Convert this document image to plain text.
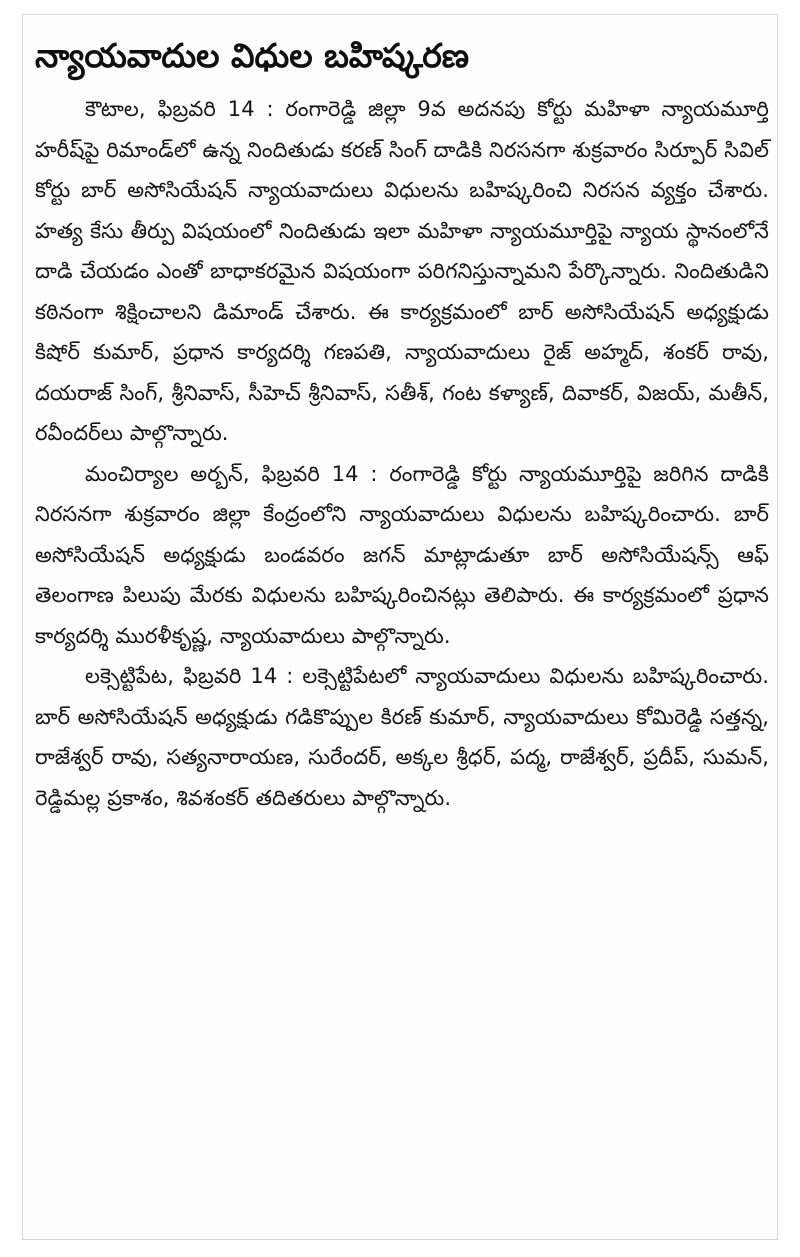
న్యాయవాదుల విధుల బహిష్కరణ

కౌటాల, ఫిబ్రవరి 14 : రంగారెడ్డి జిల్లా 9వ అదనపు కోర్టు మహిళా న్యాయమూర్తి హరీష్‌పై రిమాండ్‌లో ఉన్న నిందితుడు కరణ్ సింగ్ దాడికి నిరసనగా శుక్రవారం సిర్పూర్ సివిల్ కోర్టు బార్ అసోసియేషన్ న్యాయవాదులు విధులను బహిష్కరించి నిరసన వ్యక్తం చేశారు. హత్య కేసు తీర్పు విషయంలో నిందితుడు ఇలా మహిళా న్యాయమూర్తిపై న్యాయ స్థానంలోనే దాడి చేయడం ఎంతో బాధాకరమైన విషయంగా పరిగనిస్తున్నామని పేర్కొన్నారు. నిందితుడిని కఠినంగా శిక్షించాలని డిమాండ్ చేశారు. ఈ కార్యక్రమంలో బార్ అసోసియేషన్ అధ్యక్షుడు కిషోర్ కుమార్, ప్రధాన కార్యదర్శి గణపతి, న్యాయవాదులు రైజ్ అహ్మద్, శంకర్ రావు, దయరాజ్ సింగ్, శ్రీనివాస్, సీహెచ్ శ్రీనివాస్, సతీశ్, గంట కళ్యాణ్, దివాకర్, విజయ్, మతీన్, రవీందర్‌లు పాల్గొన్నారు.

మంచిర్యాల అర్బన్, ఫిబ్రవరి 14 : రంగారెడ్డి కోర్టు న్యాయమూర్తిపై జరిగిన దాడికి నిరసనగా శుక్రవారం జిల్లా కేంద్రంలోని న్యాయవాదులు విధులను బహిష్కరించారు. బార్ అసోసియేషన్ అధ్యక్షుడు బండవరం జగన్ మాట్లాడుతూ బార్ అసోసియేషన్స్ ఆఫ్ తెలంగాణ పిలుపు మేరకు విధులను బహిష్కరించినట్లు తెలిపారు. ఈ కార్యక్రమంలో ప్రధాన కార్యదర్శి మురళీకృష్ణ, న్యాయవాదులు పాల్గొన్నారు.

లక్సెట్టిపేట, ఫిబ్రవరి 14 : లక్సెట్టిపేటలో న్యాయవాదులు విధులను బహిష్కరించారు. బార్ అసోసియేషన్ అధ్యక్షుడు గడికొప్పుల కిరణ్ కుమార్, న్యాయవాదులు కోమిరెడ్డి సత్తన్న, రాజేశ్వర్ రావు, సత్యనారాయణ, సురేందర్, అక్కల శ్రీధర్, పద్మ, రాజేశ్వర్, ప్రదీప్, సుమన్, రెడ్డిమల్ల ప్రకాశం, శివశంకర్ తదితరులు పాల్గొన్నారు.
